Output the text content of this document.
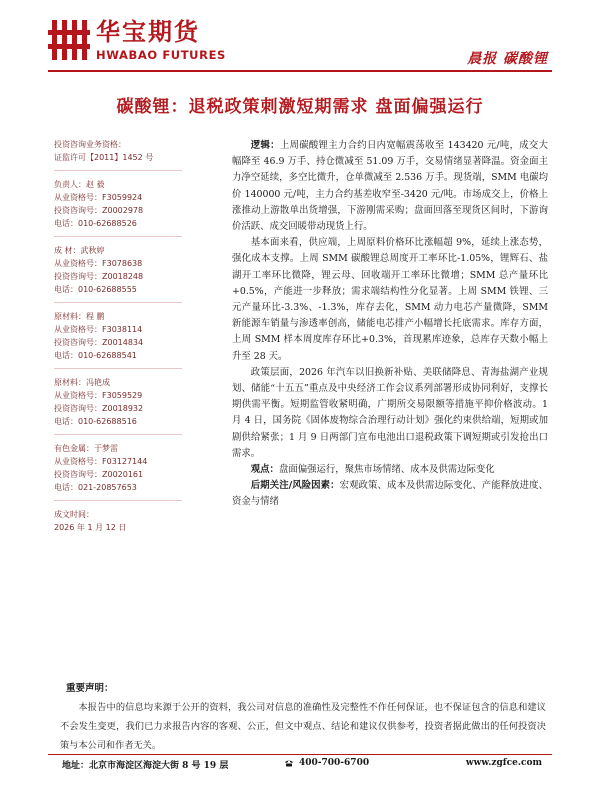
华宝期货
HWABAO FUTURES	晨报 碳酸锂
碳酸锂：退税政策刺激短期需求 盘面偏强运行
投资咨询业务资格：
证监许可【2011】1452 号
负责人：赵 毅
从业资格号：F3059924
投资咨询号：Z0002978
电话：010-62688526
成 材：武秋婷
从业资格号：F3078638
投资咨询号：Z0018248
电话：010-62688555
原材料：程 鹏
从业资格号：F3038114
投资咨询号：Z0014834
电话：010-62688541
原材料：冯艳成
从业资格号：F3059529
投资咨询号：Z0018932
电话：010-62688516
有色金属：于梦雷
从业资格号：F03127144
投资咨询号：Z0020161
电话：021-20857653
成文时间：
2026 年 1 月 12 日

逻辑：上周碳酸锂主力合约日内宽幅震荡收至 143420 元/吨，成交大幅降至 46.9 万手、持仓微减至 51.09 万手，交易情绪显著降温。资金面主力净空延续，多空比微升，仓单微减至 2.536 万手。现货端，SMM 电碳均价 140000 元/吨，主力合约基差收窄至-3420 元/吨。市场成交上，价格上涨推动上游散单出货增强，下游刚需采购；盘面回落至现货区间时，下游询价活跃、成交回暖带动现货上行。

基本面来看，供应端，上周原料价格环比涨幅超 9%，延续上涨态势，强化成本支撑。上周 SMM 碳酸锂总周度开工率环比-1.05%，锂辉石、盐湖开工率环比微降，锂云母、回收端开工率环比微增；SMM 总产量环比+0.5%，产能进一步释放；需求端结构性分化显著。上周 SMM 铁锂、三元产量环比-3.3%、-1.3%，库存去化，SMM 动力电芯产量微降，SMM 新能源车销量与渗透率创高，储能电芯排产小幅增长托底需求。库存方面，上周 SMM 样本周度库存环比+0.3%，首现累库迹象，总库存天数小幅上升至 28 天。

政策层面，2026 年汽车以旧换新补贴、美联储降息、青海盐湖产业规划、储能“十五五”重点及中央经济工作会议系列部署形成协同利好，支撑长期供需平衡。短期监管收紧明确，广期所交易限额等措施平抑价格波动。1 月 4 日，国务院《固体废物综合治理行动计划》强化约束供给端，短期或加剧供给紧张；1 月 9 日两部门宣布电池出口退税政策下调短期或引发抢出口需求。

观点：盘面偏强运行，聚焦市场情绪、成本及供需边际变化

后期关注/风险因素：宏观政策、成本及供需边际变化、产能释放进度、资金与情绪

重要声明：
本报告中的信息均来源于公开的资料，我公司对信息的准确性及完整性不作任何保证，也不保证包含的信息和建议不会发生变更，我们已力求报告内容的客观、公正，但文中观点、结论和建议仅供参考，投资者据此做出的任何投资决策与本公司和作者无关。
地址：北京市海淀区海淀大街 8 号 19 层	400-700-6700	www.zgfce.com
